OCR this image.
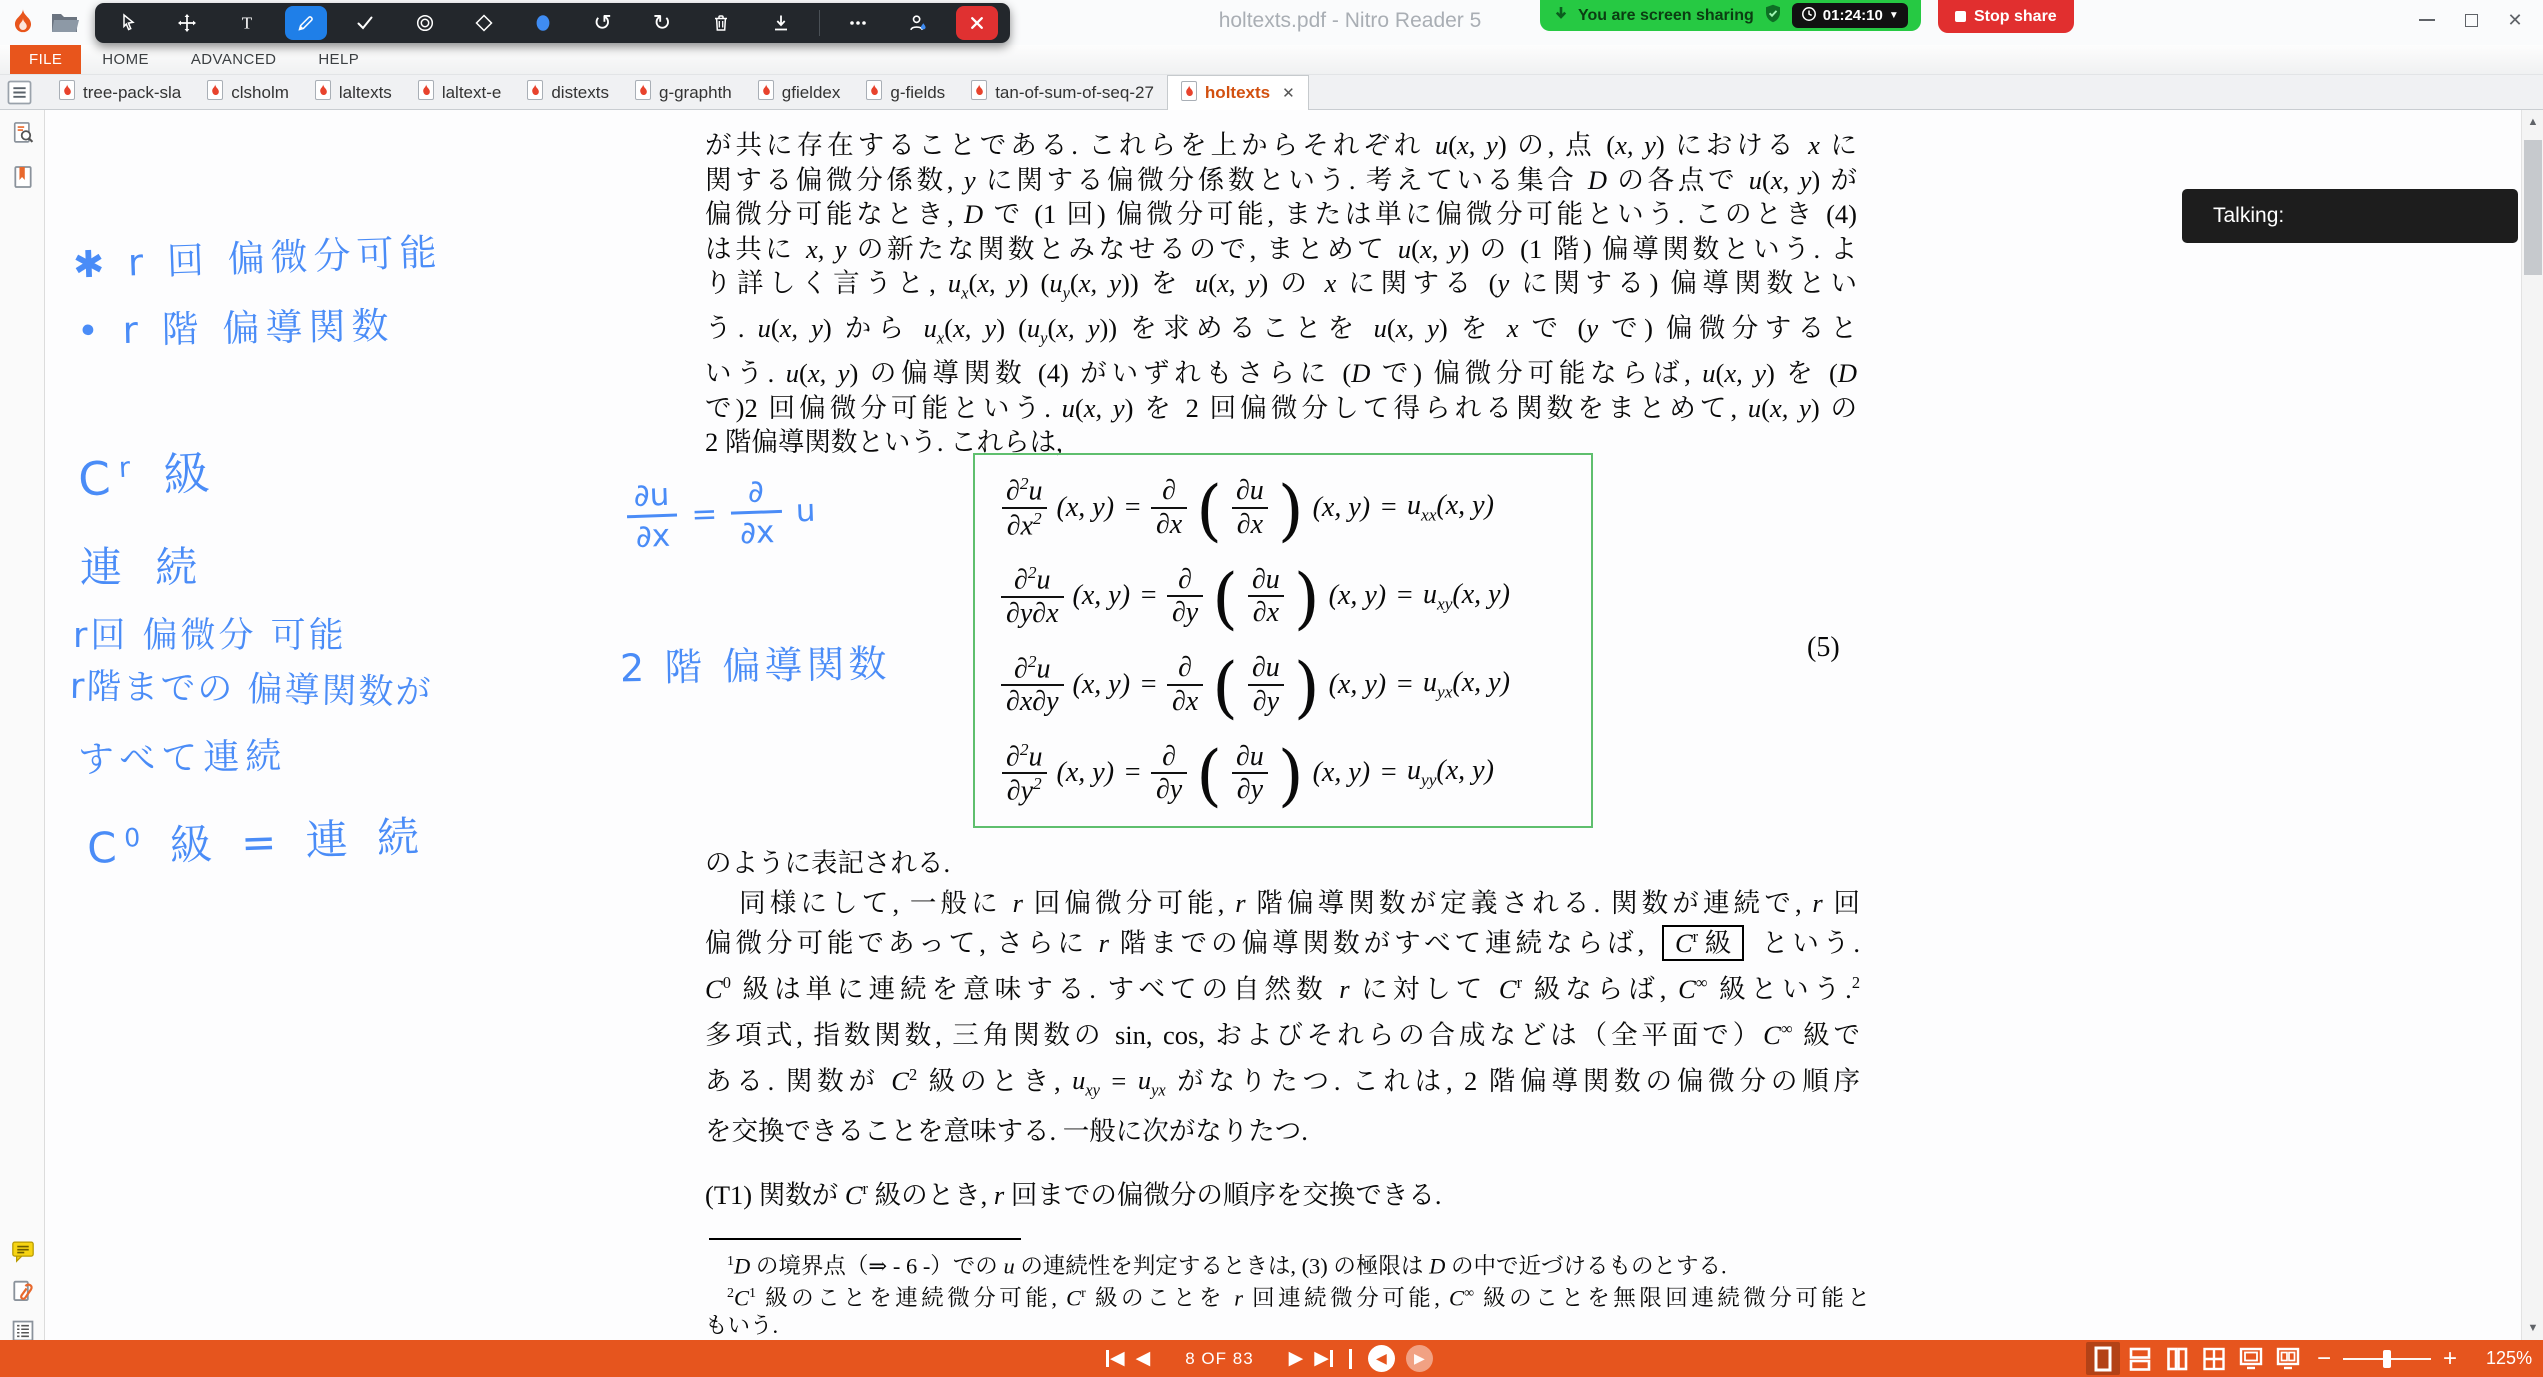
holtexts.pdf - Nitro Reader 5	✕
T	↺ ↻	You are screen sharing	01:24:10 ▼	Stop share
FILE	HOME	ADVANCED	HELP
tree-pack-sla	clsholm	laltexts	laltext-e	distexts	g-graphth	gfieldex	g-fields	tan-of-sum-of-seq-27	holtexts ✕
が共に存在することである. これらを上からそれぞれ u(x, y) の, 点 (x, y) における x に
関する偏微分係数, y に関する偏微分係数という. 考えている集合 D の各点で u(x, y) が
偏微分可能なとき, D で (1 回) 偏微分可能, または単に偏微分可能という. このとき (4)
は共に x, y の新たな関数とみなせるので, まとめて u(x, y) の (1 階) 偏導関数という. よ
り詳しく言うと, $u_x(x$, y) ($u_y(x$, y)) を u(x, y) の x に関する (y に関する) 偏導関数とい
う. u(x, y) から $u_x(x$, y) ($u_y(x$, y)) を求めることを u(x, y) を x で (y で) 偏微分すると
いう. u(x, y) の偏導関数 (4) がいずれもさらに (D で) 偏微分可能ならば, u(x, y) を (D
で)2 回偏微分可能という. u(x, y) を 2 回偏微分して得られる関数をまとめて, u(x, y) の
2 階偏導関数という. これらは,
∂$^2$u
$\partial x^2$ (x, y) =
∂
∂x ( ∂u
∂x ) (x, $y) = u_{xx}(x$, y)
∂$^2$u
∂y∂x
(x, y) =
∂
∂y ( ∂u
∂x ) (x, $y) = u_{xy}(x$, y)
∂$^2$u
∂x∂y
(x, y) =
∂
∂x ( ∂u
∂y ) (x, $y) = u_{yx}(x$, y)
∂$^2$u
$\partial y^2$ (x, y) =
∂
∂y ( ∂u
∂y ) (x, $y) = u_{yy}(x$, y)
(5)
のように表記される.
同様にして, 一般に r 回偏微分可能, r 階偏導関数が定義される. 関数が連続で, r 回
偏微分可能であって, さらに r 階までの偏導関数がすべて連続ならば, $C^r$ 級 という.
$C^0$ 級は単に連続を意味する. すべての自然数 r に対して $C^r$ 級ならば, C∞ 級という.$^2$
多項式, 指数関数, 三角関数の sin, cos, およびそれらの合成などは（全平面で）C∞ 級で
ある. 関数が $C^2$ 級のとき, $u_{xy} = u_{yx}$ がなりたつ. これは, 2 階偏導関数の偏微分の順序
を交換できることを意味する. 一般に次がなりたつ.
(T1) 関数が $C^r$ 級のとき, r 回までの偏微分の順序を交換できる.
$^1$D の境界点（⇒ - 6 -）での u の連続性を判定するときは, (3) の極限は D の中で近づけるものとする.
$^2C^1$ 級のことを連続微分可能, $C^r$ 級のことを r 回連続微分可能, C∞ 級のことを無限回連続微分可能と
もいう.
✱ r 回 偏微分可能
• r 階 偏導関数
$C^r$ 級
連 続
r回 偏微分 可能
r階までの 偏導関数が
すべて連続
$C^0$ 級 = 連 続
2 階 偏導関数
$\frac{\partial u}{\partial x}$ =
∂
∂x
u
Talking:
▲
▼
◀ ◀ 8 OF 83 ▶ ▶	◀	▶	−	+ 125%
